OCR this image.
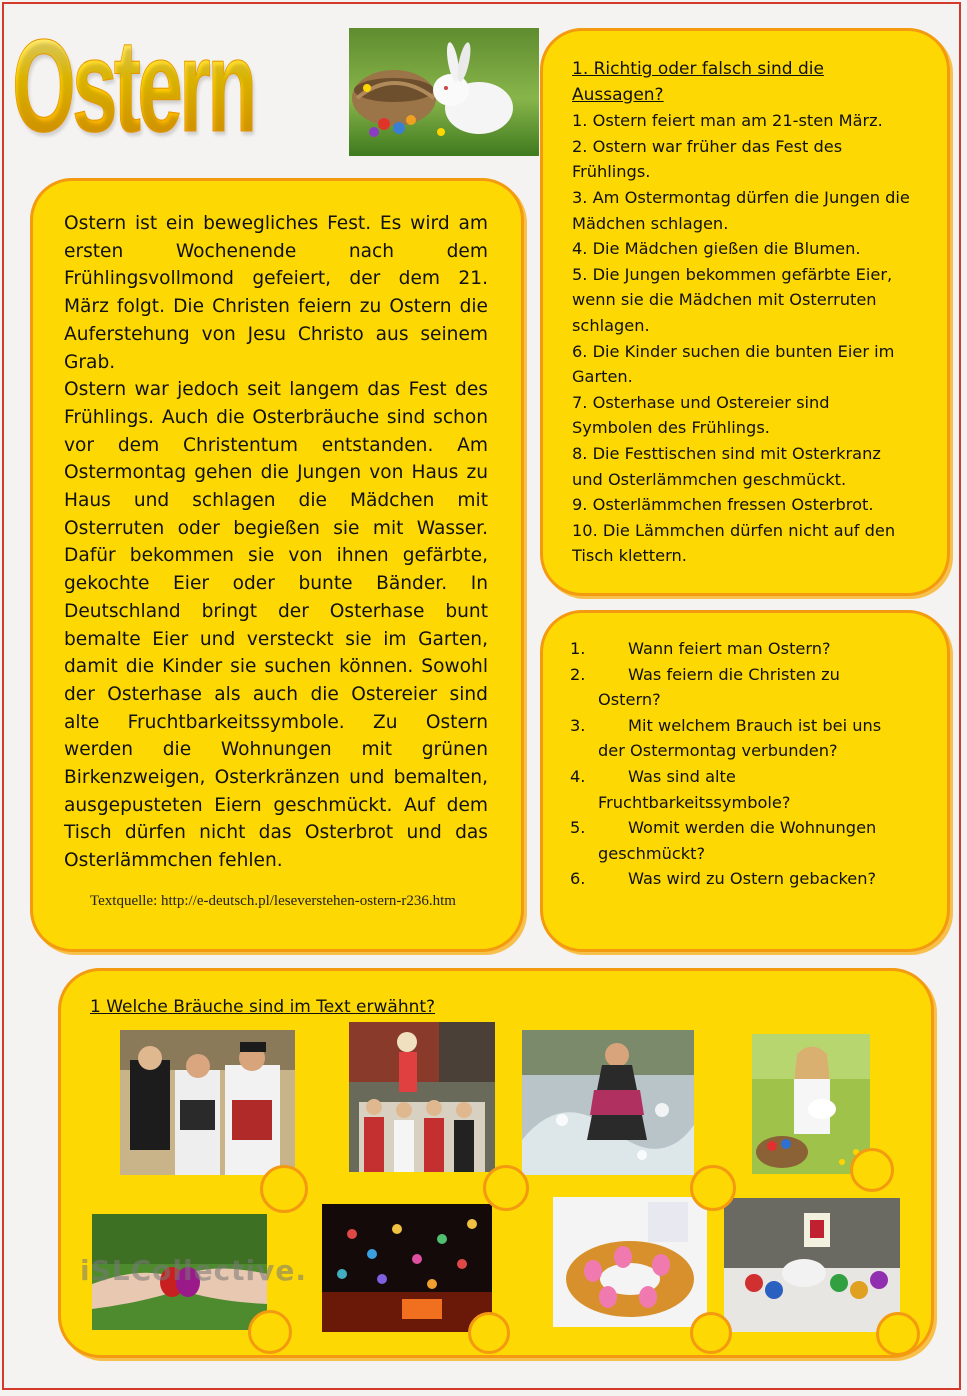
Ostern

Ostern ist ein bewegliches Fest. Es wird am ersten Wochenende nach dem Frühlingsvollmond gefeiert, der dem 21. März folgt. Die Christen feiern zu Ostern die Auferstehung von Jesu Christo aus seinem Grab.

Ostern war jedoch seit langem das Fest des Frühlings. Auch die Osterbräuche sind schon vor dem Christentum entstanden. Am Ostermontag gehen die Jungen von Haus zu Haus und schlagen die Mädchen mit Osterruten oder begießen sie mit Wasser. Dafür bekommen sie von ihnen gefärbte, gekochte Eier oder bunte Bänder. In Deutschland bringt der Osterhase bunt bemalte Eier und versteckt sie im Garten, damit die Kinder sie suchen können. Sowohl der Osterhase als auch die Ostereier sind alte Fruchtbarkeitssymbole. Zu Ostern werden die Wohnungen mit grünen Birkenzweigen, Osterkränzen und bemalten, ausgepusteten Eiern geschmückt. Auf dem Tisch dürfen nicht das Osterbrot und das Osterlämmchen fehlen.

Textquelle: http://e-deutsch.pl/leseverstehen-ostern-r236.htm
1. Richtig oder falsch sind die Aussagen?
1. Ostern feiert man am 21-sten März.
2. Ostern war früher das Fest des Frühlings.
3. Am Ostermontag dürfen die Jungen die Mädchen schlagen.
4. Die Mädchen gießen die Blumen.
5. Die Jungen bekommen gefärbte Eier, wenn sie die Mädchen mit Osterruten schlagen.
6. Die Kinder suchen die bunten Eier im Garten.
7. Osterhase und Ostereier sind Symbolen des Frühlings.
8. Die Festtischen sind mit Osterkranz und Osterlämmchen geschmückt.
9. Osterlämmchen fressen Osterbrot.
10. Die Lämmchen dürfen nicht auf den Tisch klettern.
1.	Wann feiert man Ostern?
2.	Was feiern die Christen zu Ostern?
3.	Mit welchem Brauch ist bei uns der Ostermontag verbunden?
4.	Was sind alte Fruchtbarkeitssymbole?
5.	Womit werden die Wohnungen geschmückt?
6.	Was wird zu Ostern gebacken?
1 Welche Bräuche sind im Text erwähnt?
iSLCollective.
